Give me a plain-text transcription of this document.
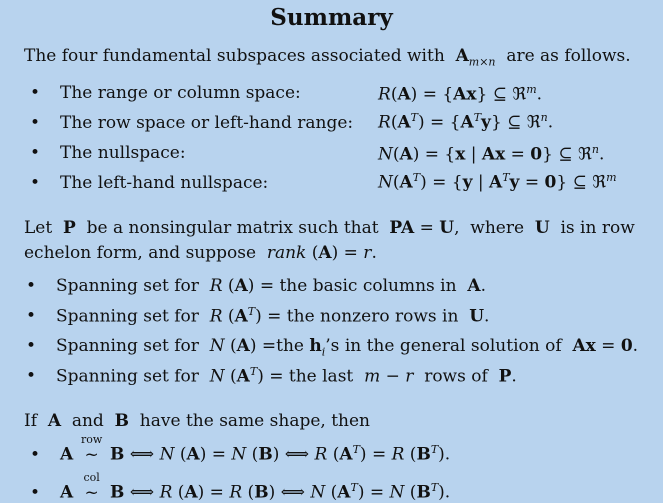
Summary
The four fundamental subspaces associated with  $A_{m\times n}$  are as follows.
• The range or column space:	R(A) = {Ax} ⊆ ℜ$^m$.
• The row space or left-hand range: $R(A^T) = \{A^Ty\}$ ⊆ ℜ$^n$.
• The nullspace:	N(A) = {x | Ax = 0} ⊆ ℜ$^n$.
• The left-hand nullspace:	$N(A^T) = \{y$ | $A^Ty = 0$} ⊆ ℜ$^m$
Let  P  be a nonsingular matrix such that  PA = U,  where  U  is in row
echelon form, and suppose  rank (A) = r.
• Spanning set for  R (A) = the basic columns in  A.
• Spanning set for  R $(A^T)$ = the nonzero rows in  U.
• Spanning set for  N (A) =the $h_i’s$ in the general solution of  Ax = 0.
• Spanning set for  N $(A^T)$ = the last  m − r  rows of  P.
If  A  and  B  have the same shape, then
• A
row
~ B ⟺ N (A) = N (B) ⟺ R $(A^T) = R$ $(B^T)$.
• A
col
~ B ⟺ R (A) = R (B) ⟺ N $(A^T) = N$ $(B^T)$.
